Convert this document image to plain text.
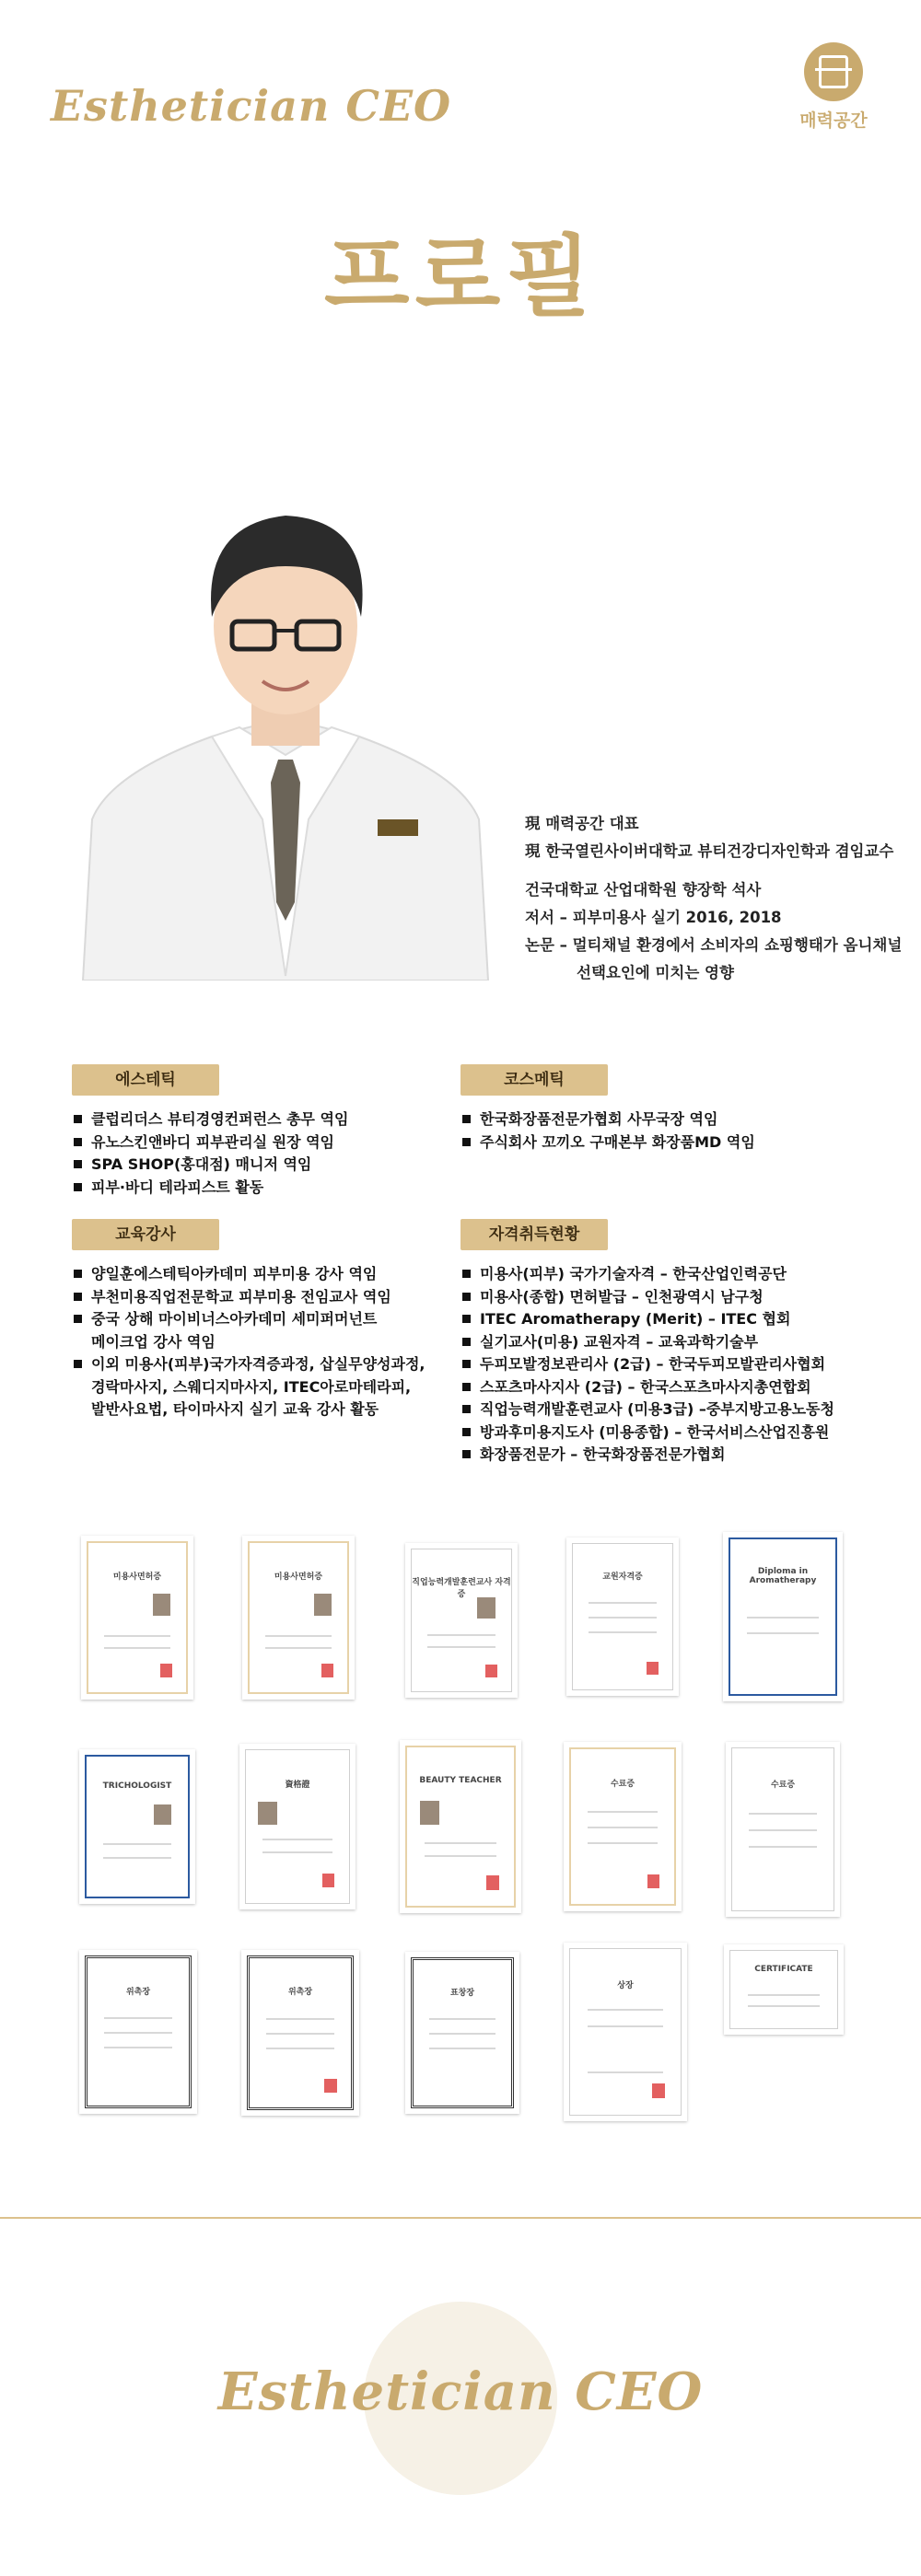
Esthetician CEO	매력공간
프로필
現 매력공간 대표
現 한국열린사이버대학교 뷰티건강디자인학과 겸임교수
건국대학교 산업대학원 향장학 석사
저서 – 피부미용사 실기 2016, 2018
논문 – 멀티채널 환경에서 소비자의 쇼핑행태가 옴니채널
선택요인에 미치는 영향
에스테틱
클럽리더스 뷰티경영컨퍼런스 총무 역임
유노스킨앤바디 피부관리실 원장 역임
SPA SHOP(홍대점) 매니저 역임
피부·바디 테라피스트 활동
코스메틱
한국화장품전문가협회 사무국장 역임
주식회사 꼬끼오 구매본부 화장품MD 역임
교육강사
양일훈에스테틱아카데미 피부미용 강사 역임
부천미용직업전문학교 피부미용 전임교사 역임
중국 상해 마이비너스아카데미 세미퍼머넌트
메이크업 강사 역임
이외 미용사(피부)국가자격증과정, 삽실무양성과정,
경락마사지, 스웨디지마사지, ITEC아로마테라피,
발반사요법, 타이마사지 실기 교육 강사 활동
자격취득현황
미용사(피부) 국가기술자격 – 한국산업인력공단
미용사(종합) 면허발급 – 인천광역시 남구청
ITEC Aromatherapy (Merit) – ITEC 협회
실기교사(미용) 교원자격 – 교육과학기술부
두피모발정보관리사 (2급) – 한국두피모발관리사협회
스포츠마사지사 (2급) – 한국스포츠마사지총연합회
직업능력개발훈련교사 (미용3급) –중부지방고용노동청
방과후미용지도사 (미용종합) – 한국서비스산업진흥원
화장품전문가 – 한국화장품전문가협회
미용사면허증	미용사면허증
직업능력개발훈련교사 자격증
교원자격증
Diploma in Aromatherapy
TRICHOLOGIST	資格證	BEAUTY TEACHER	수료증	수료증
위촉장	위촉장	표창장
상장
CERTIFICATE
Esthetician CEO
